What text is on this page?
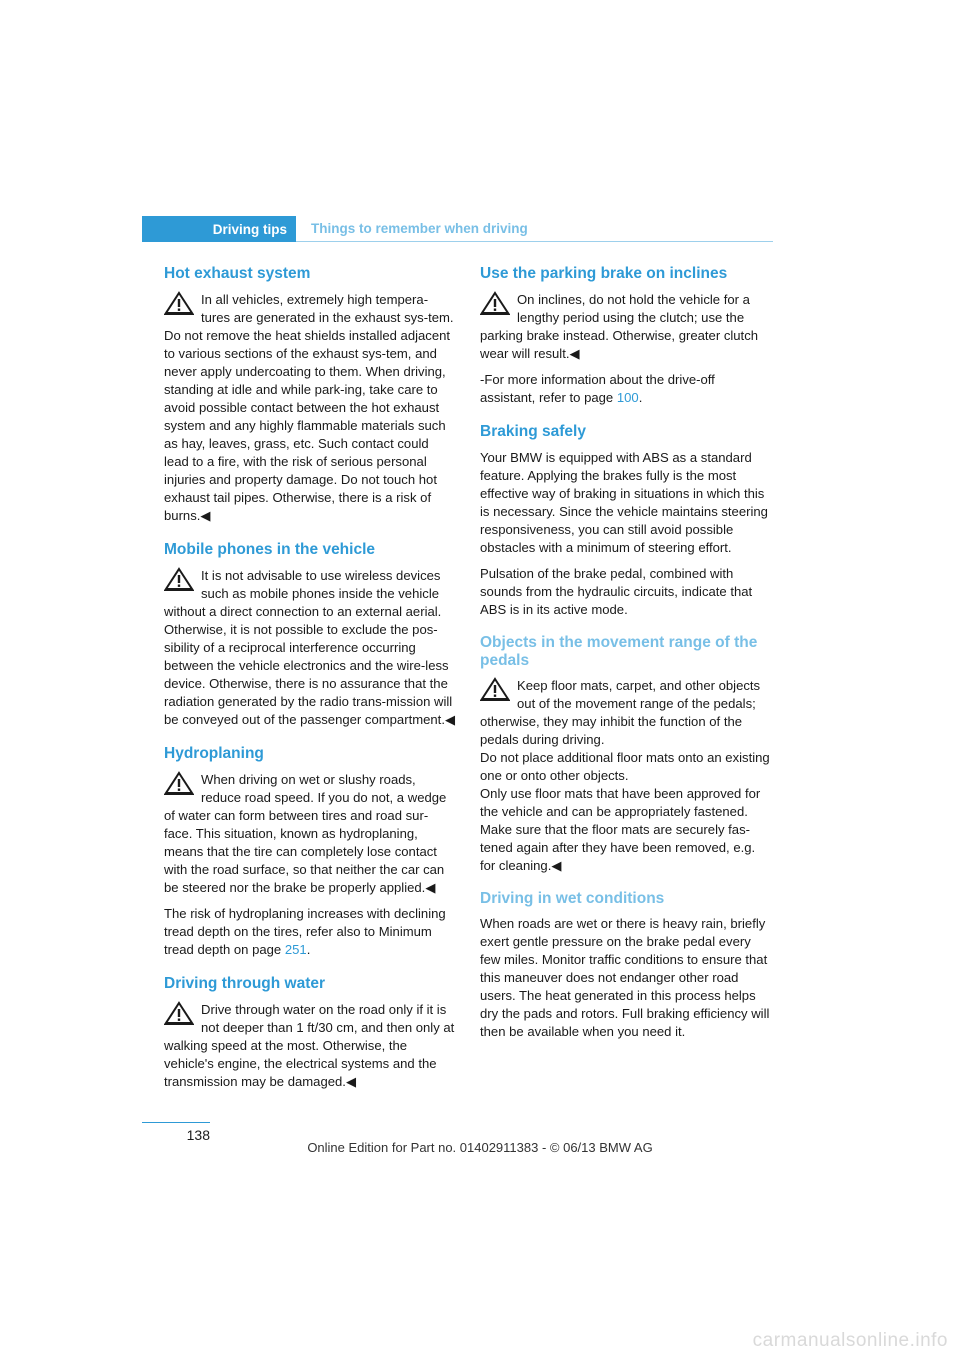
Driving tips Things to remember when driving
Hot exhaust system

In all vehicles, extremely high tempera-tures are generated in the exhaust sys-tem. Do not remove the heat shields installed adjacent to various sections of the exhaust sys-tem, and never apply undercoating to them. When driving, standing at idle and while park-ing, take care to avoid possible contact between the hot exhaust system and any highly flammable materials such as hay, leaves, grass, etc. Such contact could lead to a fire, with the risk of serious personal injuries and property damage. Do not touch hot exhaust tail pipes. Otherwise, there is a risk of burns.◀

Mobile phones in the vehicle

It is not advisable to use wireless devices such as mobile phones inside the vehicle without a direct connection to an external aerial. Otherwise, it is not possible to exclude the pos-sibility of a reciprocal interference occurring between the vehicle electronics and the wire-less device. Otherwise, there is no assurance that the radiation generated by the radio trans-mission will be conveyed out of the passenger compartment.◀

Hydroplaning

When driving on wet or slushy roads, reduce road speed. If you do not, a wedge of water can form between tires and road sur-face. This situation, known as hydroplaning, means that the tire can completely lose contact with the road surface, so that neither the car can be steered nor the brake be properly applied.◀

The risk of hydroplaning increases with declining tread depth on the tires, refer also to Minimum tread depth on page 251.

Driving through water

Drive through water on the road only if it is not deeper than 1 ft/30 cm, and then only at walking speed at the most. Otherwise, the vehicle's engine, the electrical systems and the transmission may be damaged.◀

Use the parking brake on inclines

On inclines, do not hold the vehicle for a lengthy period using the clutch; use the parking brake instead. Otherwise, greater clutch wear will result.◀

-For more information about the drive-off assistant, refer to page 100.

Braking safely

Your BMW is equipped with ABS as a standard feature. Applying the brakes fully is the most effective way of braking in situations in which this is necessary. Since the vehicle maintains steering responsiveness, you can still avoid possible obstacles with a minimum of steering effort.

Pulsation of the brake pedal, combined with sounds from the hydraulic circuits, indicate that ABS is in its active mode.

Objects in the movement range of the pedals

Keep floor mats, carpet, and other objects out of the movement range of the pedals; otherwise, they may inhibit the function of the pedals during driving.
Do not place additional floor mats onto an existing one or onto other objects.
Only use floor mats that have been approved for the vehicle and can be appropriately fastened. Make sure that the floor mats are securely fas-tened again after they have been removed, e.g. for cleaning.◀

Driving in wet conditions

When roads are wet or there is heavy rain, briefly exert gentle pressure on the brake pedal every few miles. Monitor traffic conditions to ensure that this maneuver does not endanger other road users. The heat generated in this process helps dry the pads and rotors. Full braking efficiency will then be available when you need it.

138
Online Edition for Part no. 01402911383 - © 06/13 BMW AG
carmanualsonline.info
